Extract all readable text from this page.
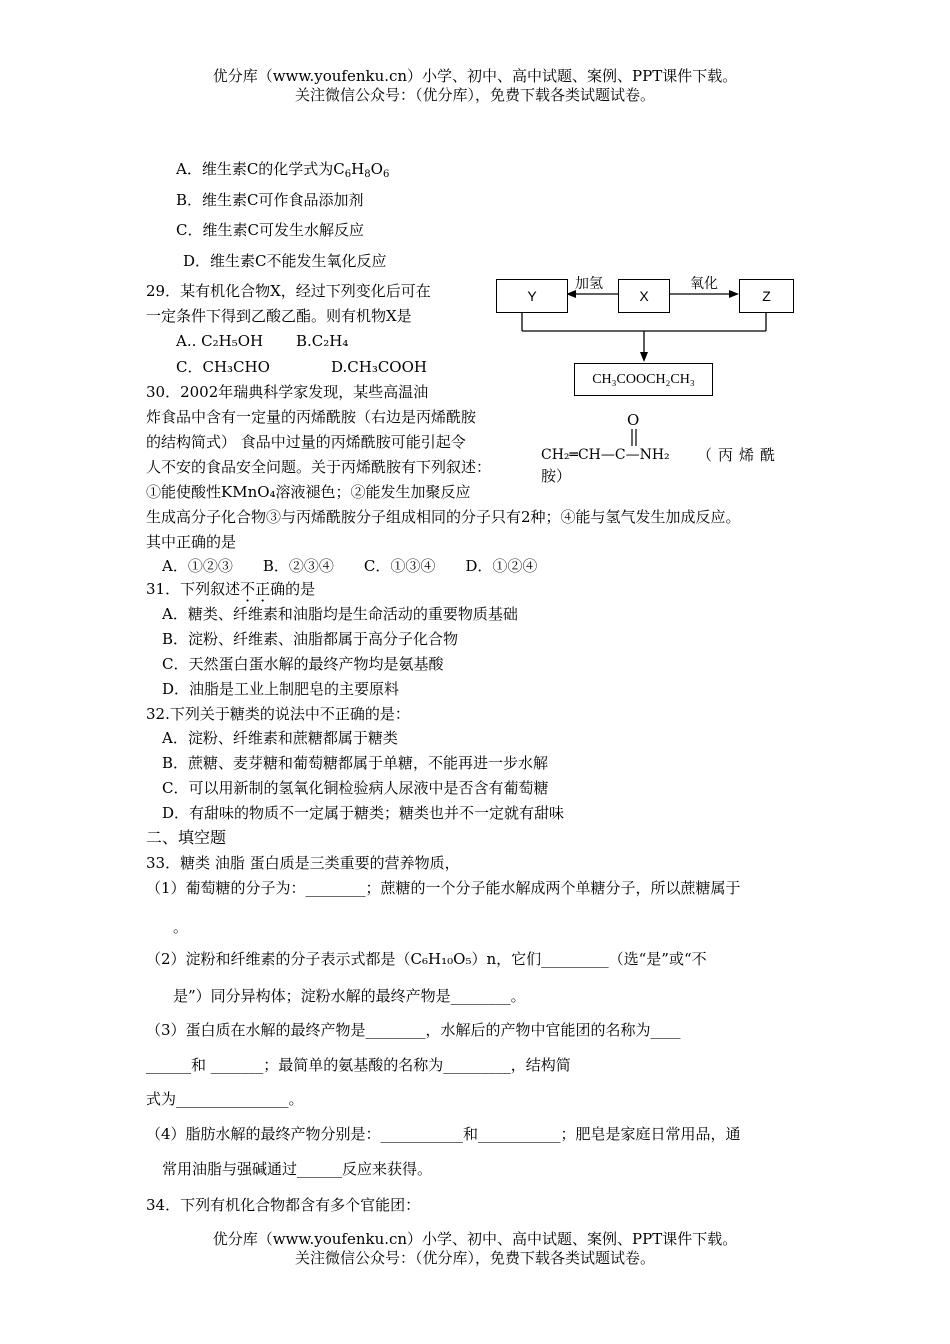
优分库（www.youfenku.cn）小学、初中、高中试题、案例、PPT课件下载。
关注微信公众号：（优分库），免费下载各类试题试卷。
A．维生素C的化学式为$C_6H_8O_6$
B．维生素C可作食品添加剂
C．维生素C可发生水解反应
D．维生素C不能发生氧化反应
29．某有机化合物X，经过下列变化后可在
一定条件下得到乙酸乙酯。则有机物X是
A.. C₂H₅OH B.C₂H₄
C．CH₃CHO	D.CH₃COOH
Y	X	Z
加氢	氧化
CH₃COOCH₂CH₃
30．2002年瑞典科学家发现，某些高温油
炸食品中含有一定量的丙烯酰胺（右边是丙烯酰胺
的结构简式） 食品中过量的丙烯酰胺可能引起令
人不安的食品安全问题。关于丙烯酰胺有下列叙述：
①能使酸性KMnO₄溶液褪色；②能发生加聚反应
生成高分子化合物③与丙烯酰胺分子组成相同的分子只有2种；④能与氢气发生加成反应。
其中正确的是
A．①②③　　B．②③④　　C．①③④　　D．①②④
O
CH₂═CH—C—NH₂ （丙烯酰
胺）
31．下列叙述不正确的是
A．糖类、纤维素和油脂均是生命活动的重要物质基础
B．淀粉、纤维素、油脂都属于高分子化合物
C．天然蛋白蛋水解的最终产物均是氨基酸
D．油脂是工业上制肥皂的主要原料
32.下列关于糖类的说法中不正确的是：
A．淀粉、纤维素和蔗糖都属于糖类
B．蔗糖、麦芽糖和葡萄糖都属于单糖，不能再进一步水解
C．可以用新制的氢氧化铜检验病人尿液中是否含有葡萄糖
D．有甜味的物质不一定属于糖类；糖类也并不一定就有甜味
二、填空题
33．糖类 油脂 蛋白质是三类重要的营养物质，
（1）葡萄糖的分子为：________；蔗糖的一个分子能水解成两个单糖分子，所以蔗糖属于
。
（2）淀粉和纤维素的分子表示式都是（C₆H₁₀O₅）n，它们_________（选“是”或“不
是”）同分异构体；淀粉水解的最终产物是________。
（3）蛋白质在水解的最终产物是________，水解后的产物中官能团的名称为____
______和 _______；最简单的氨基酸的名称为_________，结构简
式为_______________。
（4）脂肪水解的最终产物分别是：___________和___________；肥皂是家庭日常用品，通
常用油脂与强碱通过______反应来获得。
34．下列有机化合物都含有多个官能团：
优分库（www.youfenku.cn）小学、初中、高中试题、案例、PPT课件下载。
关注微信公众号：（优分库），免费下载各类试题试卷。
